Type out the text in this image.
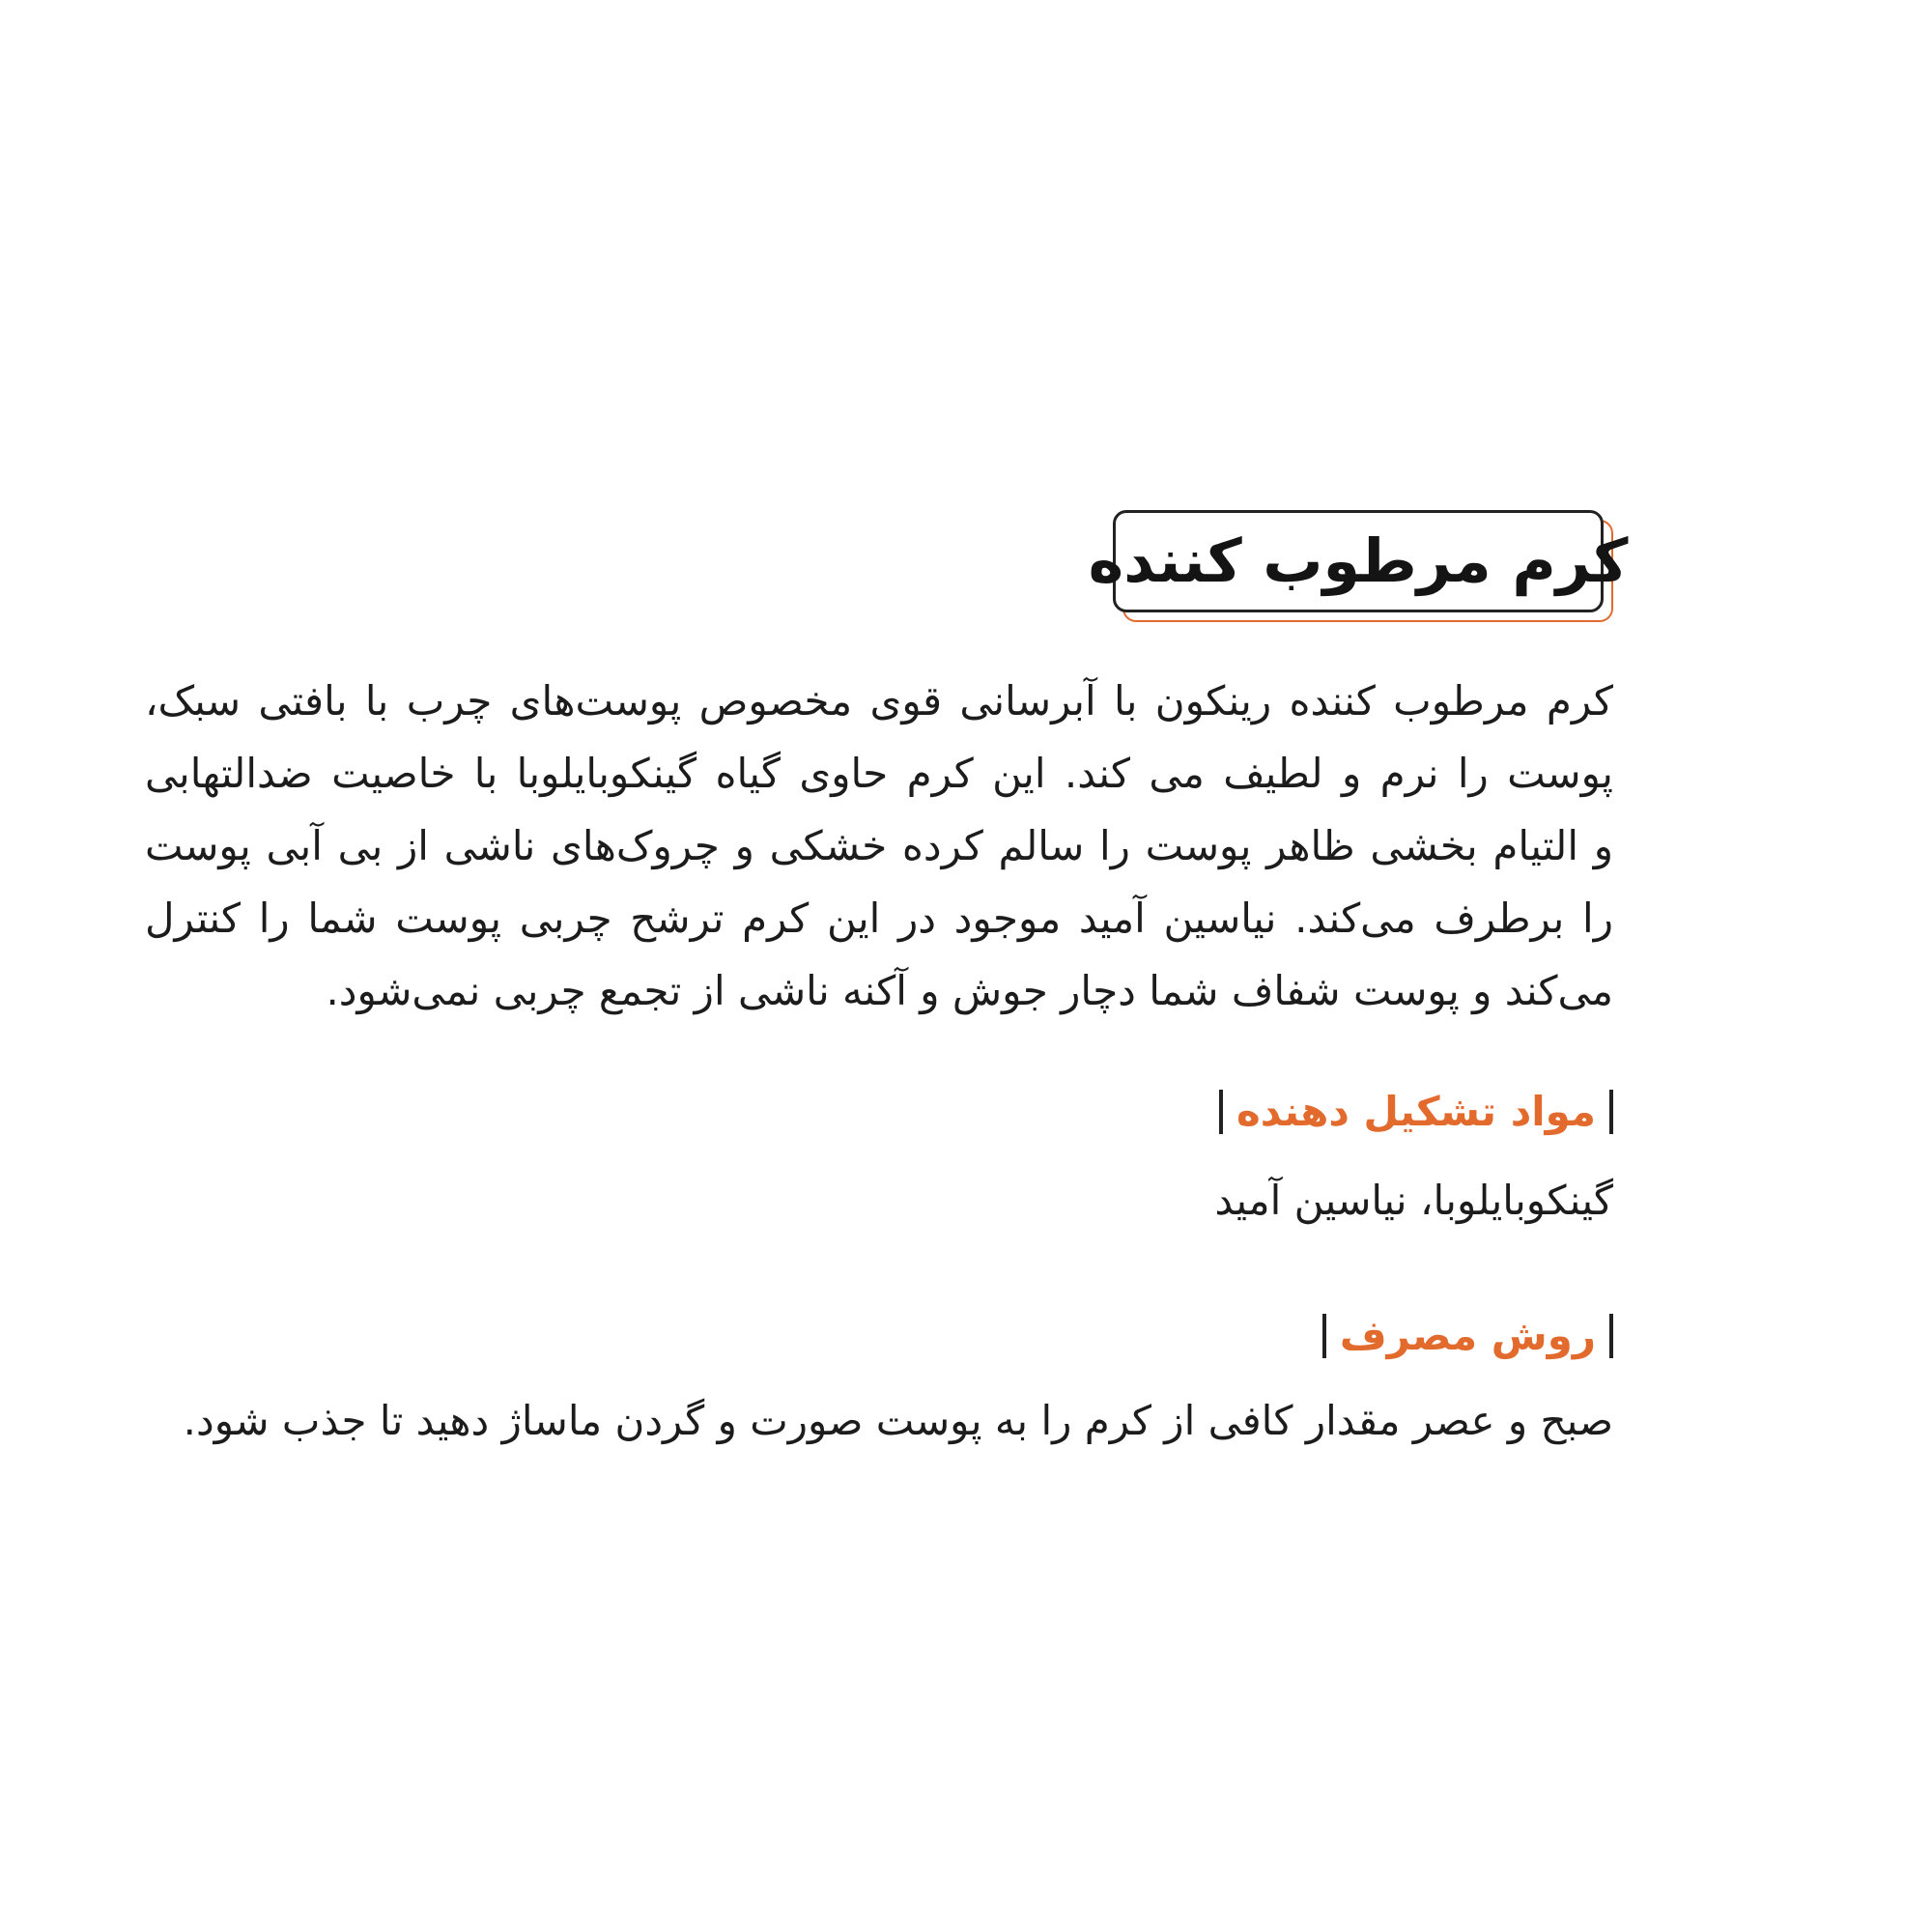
کرم مرطوب کننده
کرم مرطوب کننده رینکون با آبرسانی قوی مخصوص پوست‌های چرب با بافتی سبک،
پوست را نرم و لطیف می کند. این کرم حاوی گیاه گینکوبایلوبا با خاصیت ضدالتهابی
و التیام بخشی ظاهر پوست را سالم کرده خشکی و چروک‌های ناشی از بی آبی پوست
را برطرف می‌کند. نیاسین آمید موجود در این کرم ترشح چربی پوست شما را کنترل
می‌کند و پوست شفاف شما دچار جوش و آکنه ناشی از تجمع چربی نمی‌شود.
مواد تشکیل دهنده
گینکوبایلوبا، نیاسین آمید
روش مصرف
صبح و عصر مقدار کافی از کرم را به پوست صورت و گردن ماساژ دهید تا جذب شود.
